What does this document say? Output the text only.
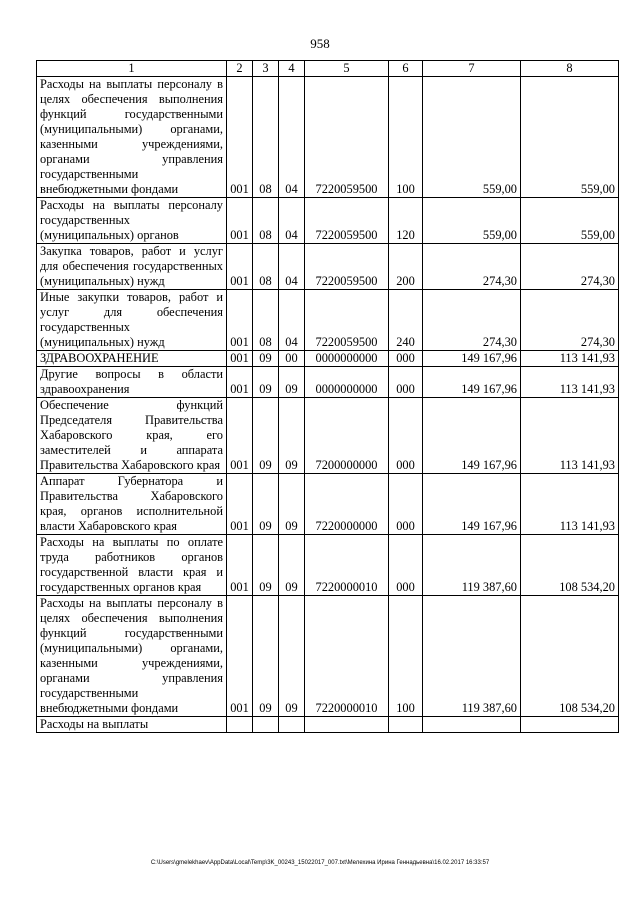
958
1	2	3	4	5	6	7	8
Расходы на выплаты персоналу в целях обеспечения выполнения функций государственными (муниципальными) органами, казенными учреждениями, органами управления государственными внебюджетными фондами	001	08	04	7220059500	100	559,00	559,00
Расходы на выплаты персоналу государственных (муниципальных) органов	001	08	04	7220059500	120	559,00	559,00
Закупка товаров, работ и услуг для обеспечения государственных (муниципальных) нужд	001	08	04	7220059500	200	274,30	274,30
Иные закупки товаров, работ и услуг для обеспечения государственных (муниципальных) нужд	001	08	04	7220059500	240	274,30	274,30
ЗДРАВООХРАНЕНИЕ	001	09	00	0000000000	000	149 167,96	113 141,93
Другие вопросы в области здравоохранения	001	09	09	0000000000	000	149 167,96	113 141,93
Обеспечение функций Председателя Правительства Хабаровского края, его заместителей и аппарата Правительства Хабаровского края	001	09	09	7200000000	000	149 167,96	113 141,93
Аппарат Губернатора и Правительства Хабаровского края, органов исполнительной власти Хабаровского края	001	09	09	7220000000	000	149 167,96	113 141,93
Расходы на выплаты по оплате труда работников органов государственной власти края и государственных органов края	001	09	09	7220000010	000	119 387,60	108 534,20
Расходы на выплаты персоналу в целях обеспечения выполнения функций государственными (муниципальными) органами, казенными учреждениями, органами управления государственными внебюджетными фондами	001	09	09	7220000010	100	119 387,60	108 534,20
Расходы на выплаты							
C:\Users\gmelekhaev\AppData\Local\Temp\3K_00243_15022017_007.txt\Мелехина Ирина Геннадьевна\16.02.2017 16:33:57
